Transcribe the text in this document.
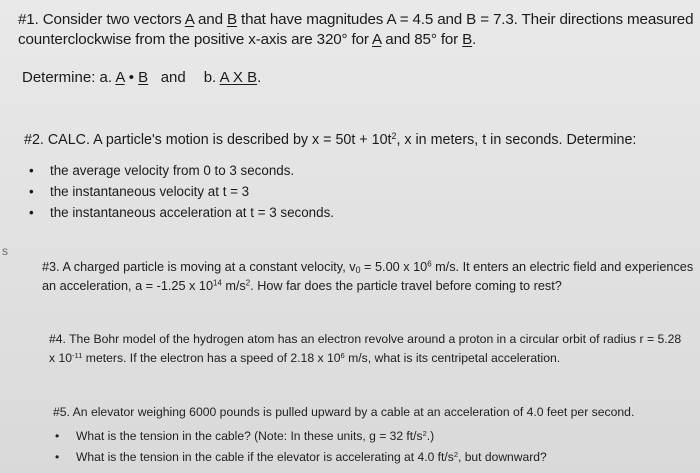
s
#1. Consider two vectors A and B that have magnitudes A = 4.5 and B = 7.3. Their directions measured
counterclockwise from the positive x-axis are 320° for A and 85° for B.
Determine: a. A • B   and b. A X B.
#2. CALC. A particle's motion is described by $x = 50t + 10t^2$, x in meters, t in seconds. Determine:
• the average velocity from 0 to 3 seconds.
• the instantaneous velocity at t = 3
• the instantaneous acceleration at t = 3 seconds.
#3. A charged particle is moving at a constant velocity, $v_0 = 5.00$ x $10^6$ m/s. It enters an electric field and experiences
an acceleration, a = -1.25 x $10^{14}$ $m/s^2$. How far does the particle travel before coming to rest?
#4. The Bohr model of the hydrogen atom has an electron revolve around a proton in a circular orbit of radius r = 5.28
x $10^{-11}$ meters. If the electron has a speed of 2.18 x $10^6$ m/s, what is its centripetal acceleration.
#5. An elevator weighing 6000 pounds is pulled upward by a cable at an acceleration of 4.0 feet per second.
• What is the tension in the cable? (Note: In these units, g = 32 $ft/s^2$.)
• What is the tension in the cable if the elevator is accelerating at 4.0 $ft/s^2$, but downward?
